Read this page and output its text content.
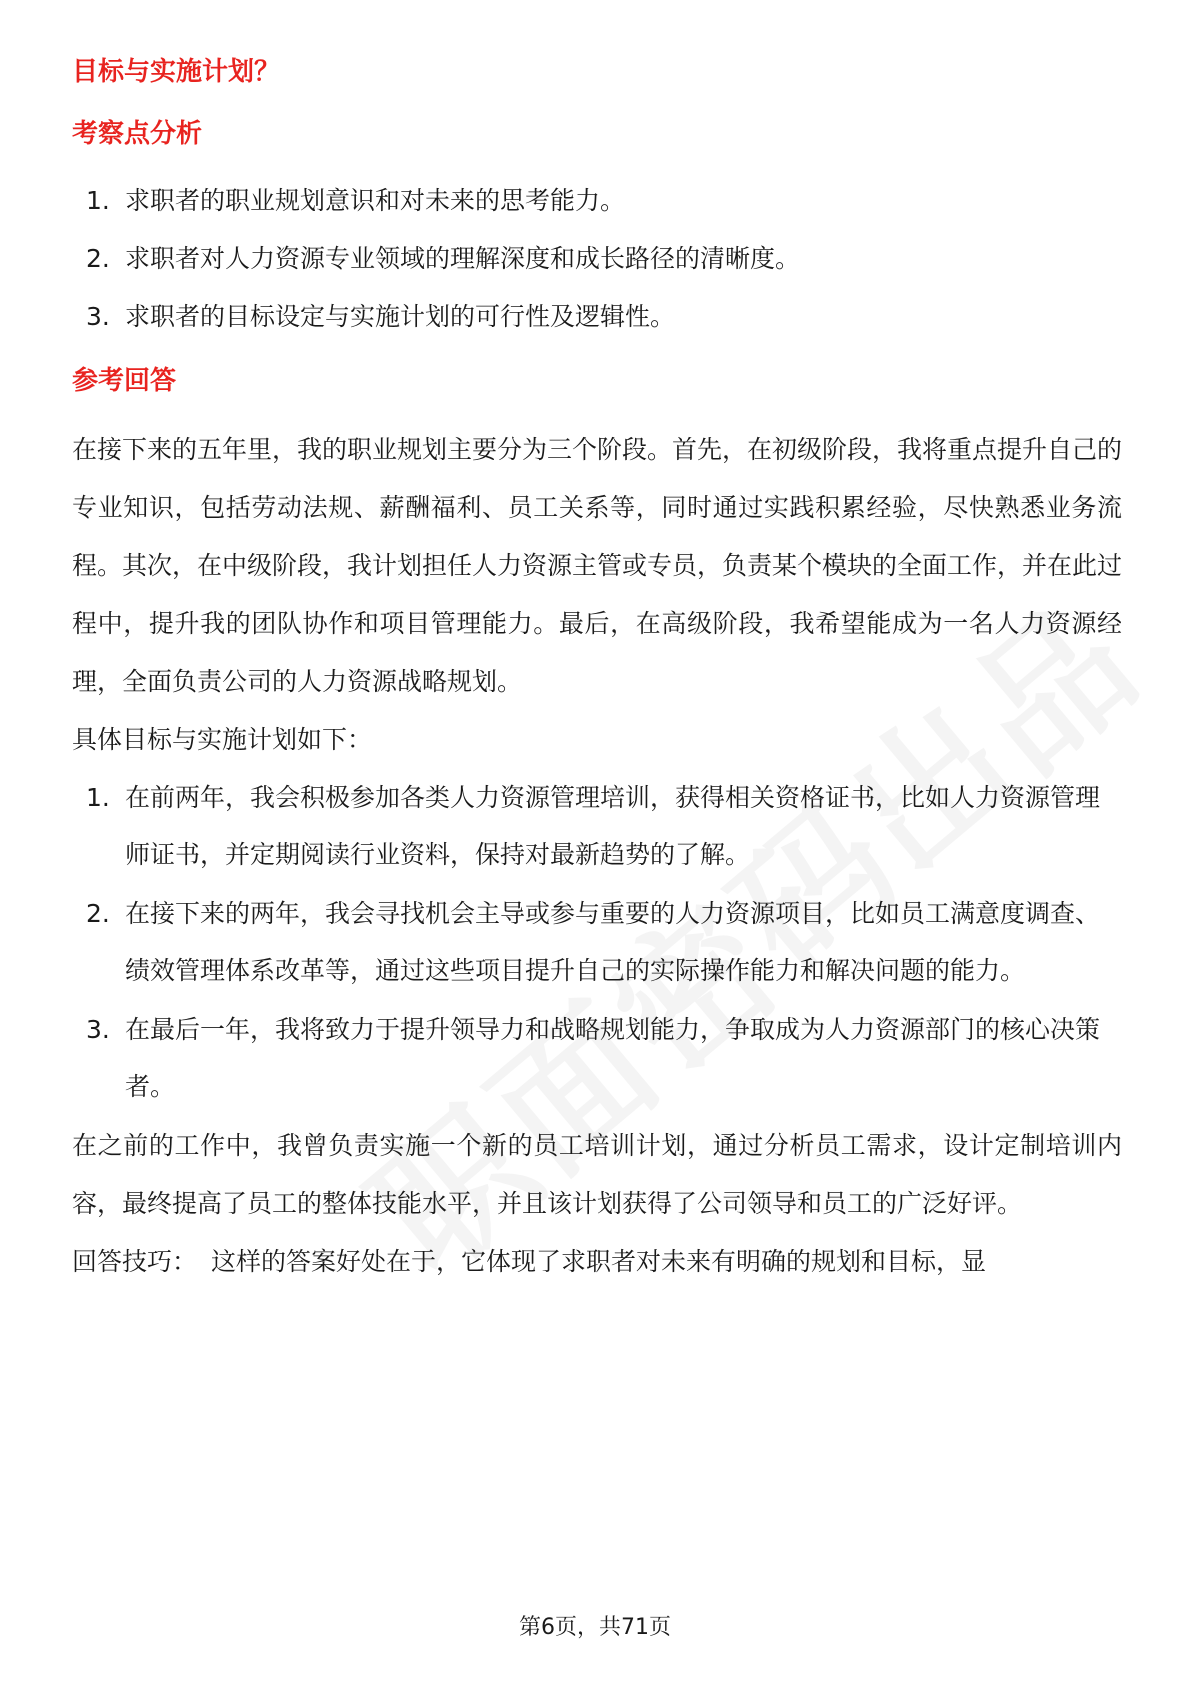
目标与实施计划？
考察点分析
1. 求职者的职业规划意识和对未来的思考能力。
2. 求职者对人力资源专业领域的理解深度和成长路径的清晰度。
3. 求职者的目标设定与实施计划的可行性及逻辑性。
参考回答

在接下来的五年里，我的职业规划主要分为三个阶段。首先，在初级阶段，我将重点提升自己的专业知识，包括劳动法规、薪酬福利、员工关系等，同时通过实践积累经验，尽快熟悉业务流程。其次，在中级阶段，我计划担任人力资源主管或专员，负责某个模块的全面工作，并在此过程中，提升我的团队协作和项目管理能力。最后，在高级阶段，我希望能成为一名人力资源经理，全面负责公司的人力资源战略规划。

具体目标与实施计划如下：

1. 在前两年，我会积极参加各类人力资源管理培训，获得相关资格证书，比如人力资源管理师证书，并定期阅读行业资料，保持对最新趋势的了解。
2. 在接下来的两年，我会寻找机会主导或参与重要的人力资源项目，比如员工满意度调查、绩效管理体系改革等，通过这些项目提升自己的实际操作能力和解决问题的能力。
3. 在最后一年，我将致力于提升领导力和战略规划能力，争取成为人力资源部门的核心决策者。

在之前的工作中，我曾负责实施一个新的员工培训计划，通过分析员工需求，设计定制培训内容，最终提高了员工的整体技能水平，并且该计划获得了公司领导和员工的广泛好评。

回答技巧： 这样的答案好处在于，它体现了求职者对未来有明确的规划和目标，显
第6页，共71页
